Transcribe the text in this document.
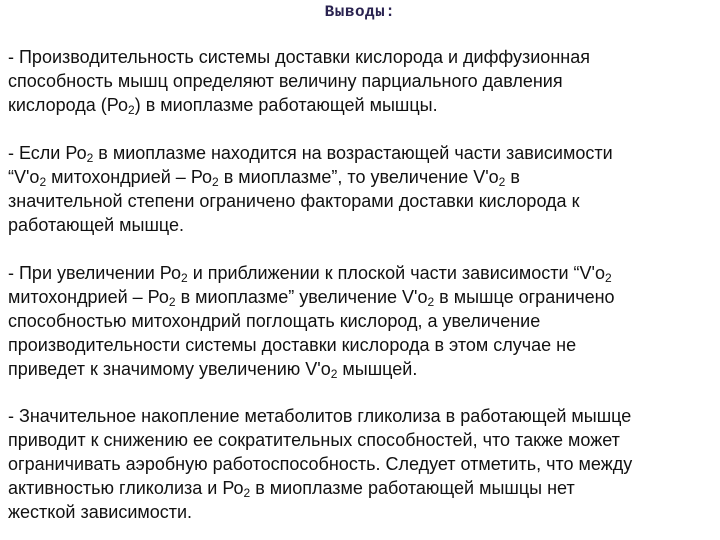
Выводы:
- Производительность системы доставки кислорода и диффузионная
способность мышц определяют величину парциального давления
кислорода $(Ро_2)$ в миоплазме работающей мышцы.
- Если $Ро_2$ в миоплазме находится на возрастающей части зависимости
“$V'о_2$ митохондрией – $Ро_2$ в миоплазме”, то увеличение $V'о_2$ в
значительной степени ограничено факторами доставки кислорода к
работающей мышце.
- При увеличении $Ро_2$ и приближении к плоской части зависимости “$V'о_2$
митохондрией – $Ро_2$ в миоплазме” увеличение $V'о_2$ в мышце ограничено
способностью митохондрий поглощать кислород, а увеличение
производительности системы доставки кислорода в этом случае не
приведет к значимому увеличению $V'о_2$ мышцей.
- Значительное накопление метаболитов гликолиза в работающей мышце
приводит к снижению ее сократительных способностей, что также может
ограничивать аэробную работоспособность. Следует отметить, что между
активностью гликолиза и $Ро_2$ в миоплазме работающей мышцы нет
жесткой зависимости.
